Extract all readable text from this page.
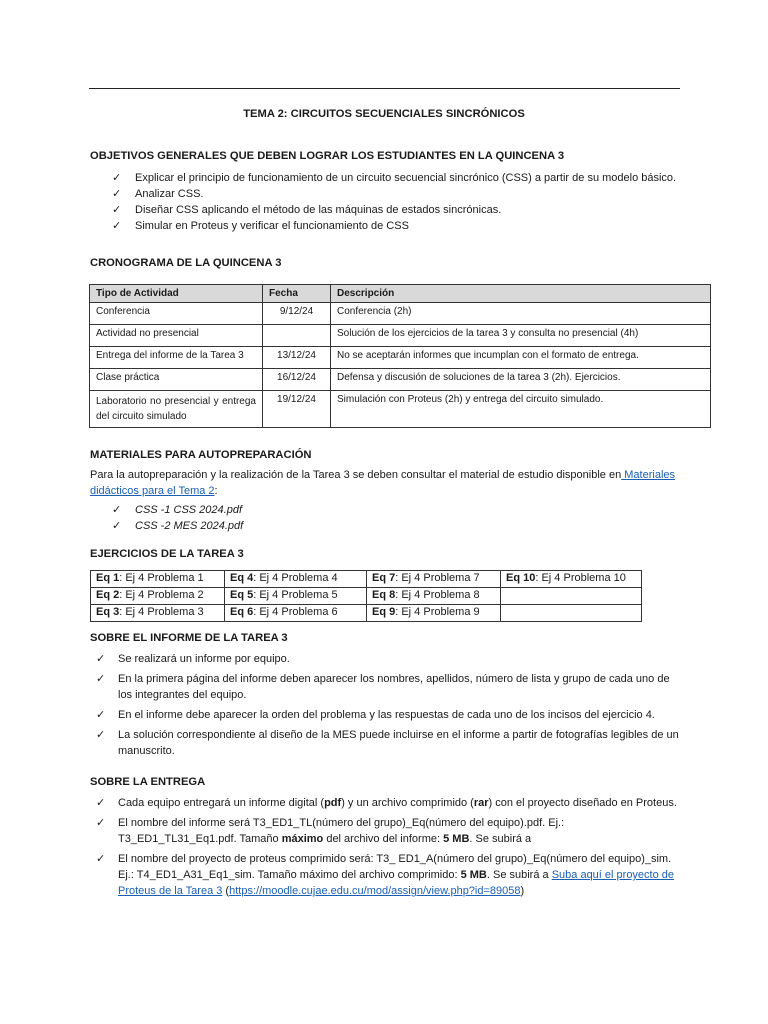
TEMA 2: CIRCUITOS SECUENCIALES SINCRÓNICOS
OBJETIVOS GENERALES QUE DEBEN LOGRAR LOS ESTUDIANTES EN LA QUINCENA 3
✓ Explicar el principio de funcionamiento de un circuito secuencial sincrónico (CSS) a partir de su modelo básico.
✓ Analizar CSS.
✓ Diseñar CSS aplicando el método de las máquinas de estados sincrónicas.
✓ Simular en Proteus y verificar el funcionamiento de CSS
CRONOGRAMA DE LA QUINCENA 3
Tipo de Actividad	Fecha	Descripción
Conferencia	9/12/24	Conferencia (2h)
Actividad no presencial		Solución de los ejercicios de la tarea 3 y consulta no presencial (4h)
Entrega del informe de la Tarea 3	13/12/24	No se aceptarán informes que incumplan con el formato de entrega.
Clase práctica	16/12/24	Defensa y discusión de soluciones de la tarea 3 (2h). Ejercicios.
Laboratorio no presencial y entrega del circuito simulado	19/12/24	Simulación con Proteus (2h) y entrega del circuito simulado.
MATERIALES PARA AUTOPREPARACIÓN
Para la autopreparación y la realización de la Tarea 3 se deben consultar el material de estudio disponible en Materiales didácticos para el Tema 2:
✓ CSS -1 CSS 2024.pdf
✓ CSS -2 MES 2024.pdf
EJERCICIOS DE LA TAREA 3
Eq 1: Ej 4 Problema 1	Eq 4: Ej 4 Problema 4	Eq 7: Ej 4 Problema 7	Eq 10: Ej 4 Problema 10
Eq 2: Ej 4 Problema 2	Eq 5: Ej 4 Problema 5	Eq 8: Ej 4 Problema 8	
Eq 3: Ej 4 Problema 3	Eq 6: Ej 4 Problema 6	Eq 9: Ej 4 Problema 9	
SOBRE EL INFORME DE LA TAREA 3
✓ Se realizará un informe por equipo.
✓ En la primera página del informe deben aparecer los nombres, apellidos, número de lista y grupo de cada uno de los integrantes del equipo.
✓ En el informe debe aparecer la orden del problema y las respuestas de cada uno de los incisos del ejercicio 4.
✓ La solución correspondiente al diseño de la MES puede incluirse en el informe a partir de fotografías legibles de un manuscrito.
SOBRE LA ENTREGA
✓ Cada equipo entregará un informe digital (pdf) y un archivo comprimido (rar) con el proyecto diseñado en Proteus.
✓ El nombre del informe será T3_ED1_TL(número del grupo)_Eq(número del equipo).pdf. Ej.: T3_ED1_TL31_Eq1.pdf. Tamaño máximo del archivo del informe: 5 MB. Se subirá a
✓ El nombre del proyecto de proteus comprimido será: T3_ ED1_A(número del grupo)_Eq(número del equipo)_sim. Ej.: T4_ED1_A31_Eq1_sim. Tamaño máximo del archivo comprimido: 5 MB. Se subirá a Suba aquí el proyecto de Proteus de la Tarea 3 (https://moodle.cujae.edu.cu/mod/assign/view.php?id=89058)
